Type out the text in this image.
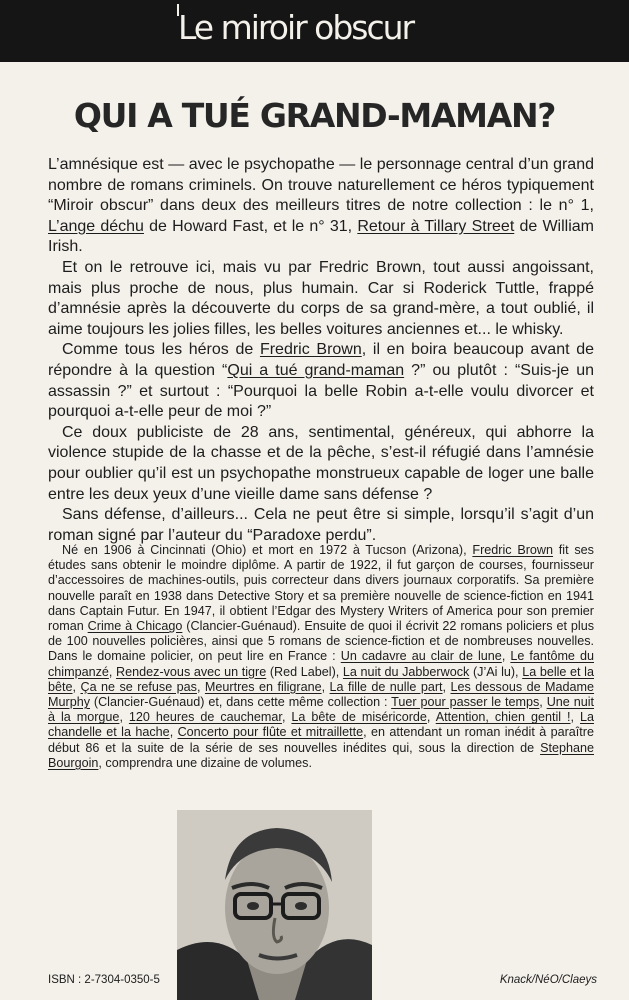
Le miroir obscur
QUI A TUÉ GRAND-MAMAN?

L’amnésique est — avec le psychopathe — le personnage central d’un grand nombre de romans criminels. On trouve naturellement ce héros typiquement “Miroir obscur” dans deux des meilleurs titres de notre collection : le n° 1, L’ange déchu de Howard Fast, et le n° 31, Retour à Tillary Street de William Irish.

Et on le retrouve ici, mais vu par Fredric Brown, tout aussi angoissant, mais plus proche de nous, plus humain. Car si Roderick Tuttle, frappé d’amnésie après la découverte du corps de sa grand-mère, a tout oublié, il aime toujours les jolies filles, les belles voitures anciennes et... le whisky.

Comme tous les héros de Fredric Brown, il en boira beaucoup avant de répondre à la question “Qui a tué grand-maman ?” ou plutôt : “Suis-je un assassin ?” et surtout : “Pourquoi la belle Robin a-t-elle voulu divorcer et pourquoi a-t-elle peur de moi ?”

Ce doux publiciste de 28 ans, sentimental, généreux, qui abhorre la violence stupide de la chasse et de la pêche, s’est-il réfugié dans l’amnésie pour oublier qu’il est un psychopathe monstrueux capable de loger une balle entre les deux yeux d’une vieille dame sans défense ?

Sans défense, d’ailleurs... Cela ne peut être si simple, lorsqu’il s’agit d’un roman signé par l’auteur du “Paradoxe perdu”.

Né en 1906 à Cincinnati (Ohio) et mort en 1972 à Tucson (Arizona), Fredric Brown fit ses études sans obtenir le moindre diplôme. A partir de 1922, il fut garçon de courses, fournisseur d’accessoires de machines-outils, puis correcteur dans divers journaux corporatifs. Sa première nouvelle paraît en 1938 dans Detective Story et sa première nouvelle de science-fiction en 1941 dans Captain Futur. En 1947, il obtient l’Edgar des Mystery Writers of America pour son premier roman Crime à Chicago (Clancier-Guénaud). Ensuite de quoi il écrivit 22 romans policiers et plus de 100 nouvelles policières, ainsi que 5 romans de science-fiction et de nombreuses nouvelles. Dans le domaine policier, on peut lire en France : Un cadavre au clair de lune, Le fantôme du chimpanzé, Rendez-vous avec un tigre (Red Label), La nuit du Jabberwock (J’Ai lu), La belle et la bête, Ça ne se refuse pas, Meurtres en filigrane, La fille de nulle part, Les dessous de Madame Murphy (Clancier-Guénaud) et, dans cette même collection : Tuer pour passer le temps, Une nuit à la morgue, 120 heures de cauchemar, La bête de miséricorde, Attention, chien gentil !, La chandelle et la hache, Concerto pour flûte et mitraillette, en attendant un roman inédit à paraître début 86 et la suite de la série de ses nouvelles inédites qui, sous la direction de Stephane Bourgoin, comprendra une dizaine de volumes.

ISBN : 2-7304-0350-5	Knack/NéO/Claeys
